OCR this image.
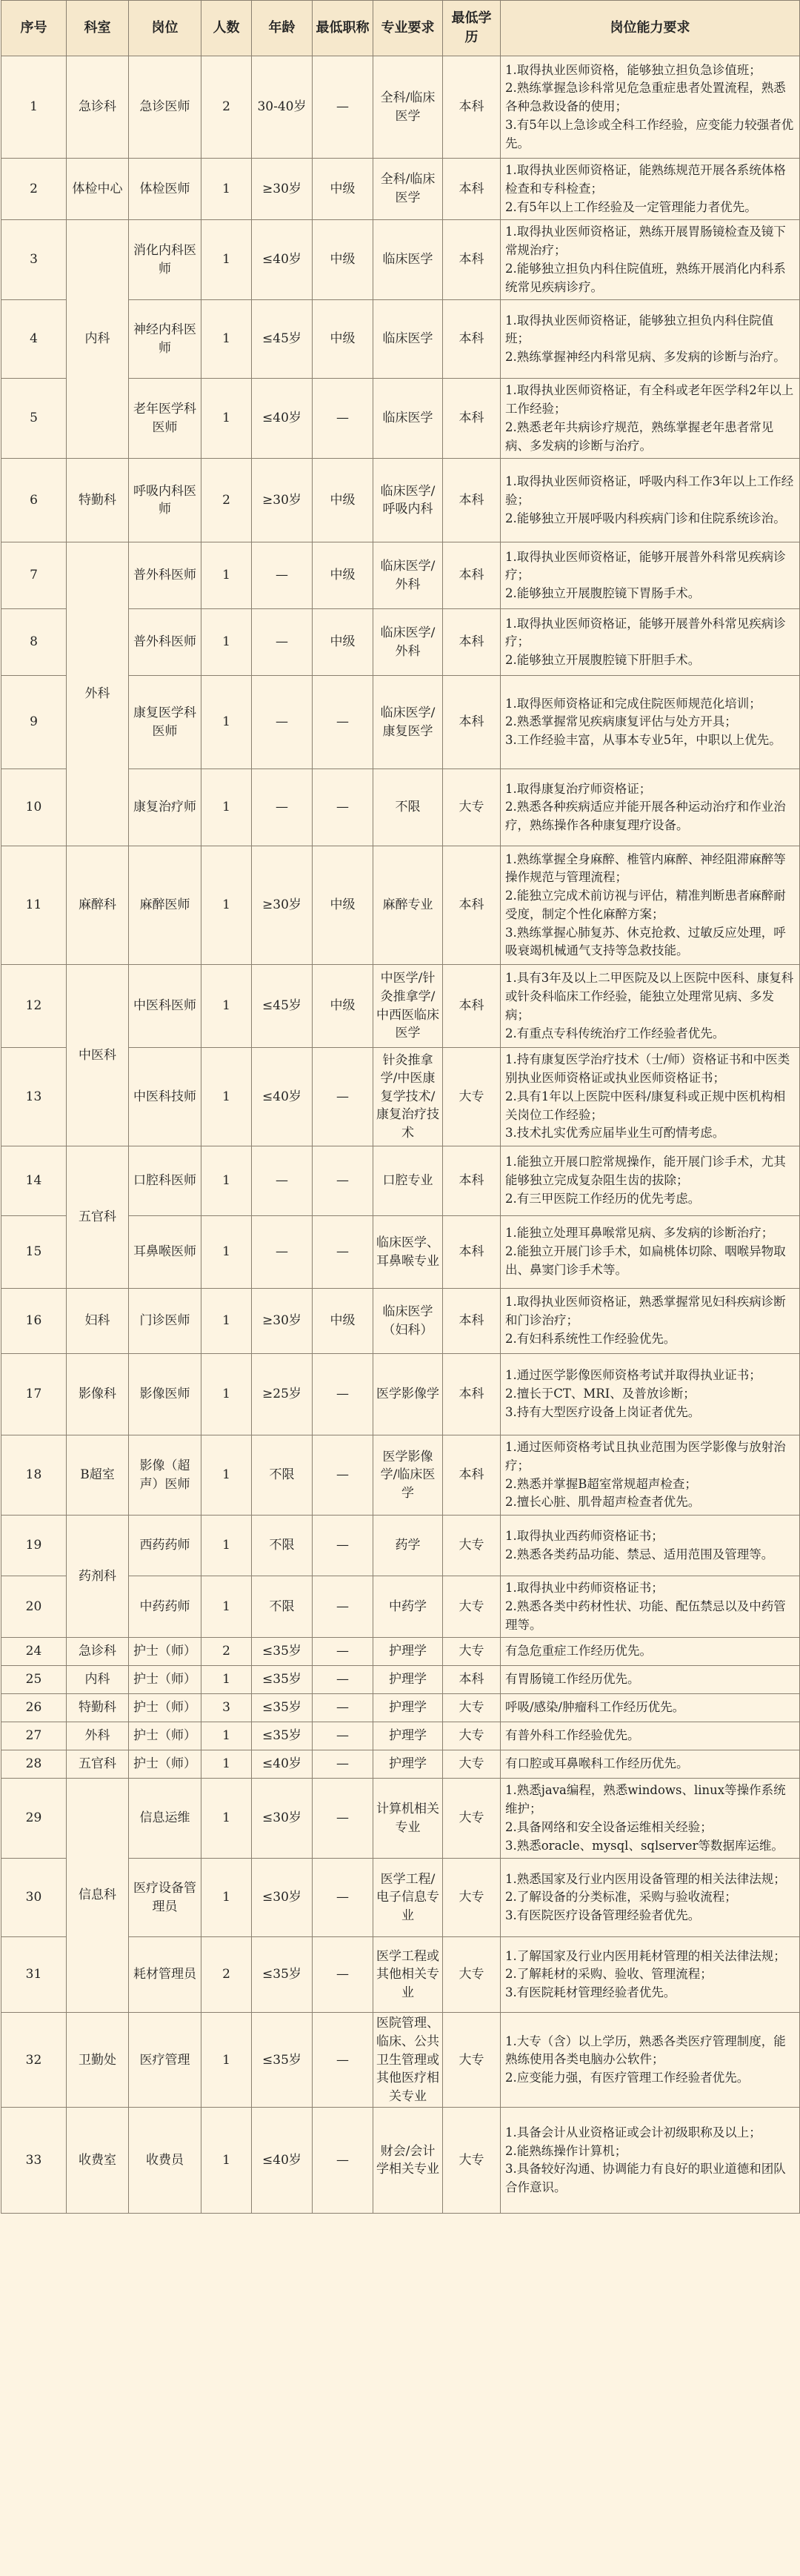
序号	科室	岗位	人数	年龄	最低职称	专业要求	最低学历	岗位能力要求
1	急诊科	急诊医师	2	30-40岁	—	全科/临床医学	本科	1.取得执业医师资格，能够独立担负急诊值班；
2.熟练掌握急诊科常见危急重症患者处置流程，熟悉各种急救设备的使用；
3.有5年以上急诊或全科工作经验，应变能力较强者优先。
2	体检中心	体检医师	1	≥30岁	中级	全科/临床医学	本科	1.取得执业医师资格证，能熟练规范开展各系统体格检查和专科检查；
2.有5年以上工作经验及一定管理能力者优先。
3	内科	消化内科医师	1	≤40岁	中级	临床医学	本科	1.取得执业医师资格证，熟练开展胃肠镜检查及镜下常规治疗；
2.能够独立担负内科住院值班，熟练开展消化内科系统常见疾病诊疗。
4		神经内科医师	1	≤45岁	中级	临床医学	本科	1.取得执业医师资格证，能够独立担负内科住院值班；
2.熟练掌握神经内科常见病、多发病的诊断与治疗。
5		老年医学科医师	1	≤40岁	—	临床医学	本科	1.取得执业医师资格证，有全科或老年医学科2年以上工作经验；
2.熟悉老年共病诊疗规范，熟练掌握老年患者常见病、多发病的诊断与治疗。
6	特勤科	呼吸内科医师	2	≥30岁	中级	临床医学/呼吸内科	本科	1.取得执业医师资格证，呼吸内科工作3年以上工作经验；
2.能够独立开展呼吸内科疾病门诊和住院系统诊治。
7	外科	普外科医师	1	—	中级	临床医学/外科	本科	1.取得执业医师资格证，能够开展普外科常见疾病诊疗；
2.能够独立开展腹腔镜下胃肠手术。
8		普外科医师	1	—	中级	临床医学/外科	本科	1.取得执业医师资格证，能够开展普外科常见疾病诊疗；
2.能够独立开展腹腔镜下肝胆手术。
9		康复医学科医师	1	—	—	临床医学/康复医学	本科	1.取得医师资格证和完成住院医师规范化培训；
2.熟悉掌握常见疾病康复评估与处方开具；
3.工作经验丰富，从事本专业5年，中职以上优先。
10		康复治疗师	1	—	—	不限	大专	1.取得康复治疗师资格证；
2.熟悉各种疾病适应并能开展各种运动治疗和作业治疗，熟练操作各种康复理疗设备。
11	麻醉科	麻醉医师	1	≥30岁	中级	麻醉专业	本科	1.熟练掌握全身麻醉、椎管内麻醉、神经阻滞麻醉等操作规范与管理流程；
2.能独立完成术前访视与评估，精准判断患者麻醉耐受度，制定个性化麻醉方案；
3.熟练掌握心肺复苏、休克抢救、过敏反应处理，呼吸衰竭机械通气支持等急救技能。
12	中医科	中医科医师	1	≤45岁	中级	中医学/针灸推拿学/中西医临床医学	本科	1.具有3年及以上二甲医院及以上医院中医科、康复科或针灸科临床工作经验，能独立处理常见病、多发病；
2.有重点专科传统治疗工作经验者优先。
13		中医科技师	1	≤40岁	—	针灸推拿学/中医康复学技术/康复治疗技术	大专	1.持有康复医学治疗技术（士/师）资格证书和中医类别执业医师资格证或执业医师资格证书；
2.具有1年以上医院中医科/康复科或正规中医机构相关岗位工作经验；
3.技术扎实优秀应届毕业生可酌情考虑。
14	五官科	口腔科医师	1	—	—	口腔专业	本科	1.能独立开展口腔常规操作，能开展门诊手术，尤其能够独立完成复杂阻生齿的拔除；
2.有三甲医院工作经历的优先考虑。
15		耳鼻喉医师	1	—	—	临床医学、耳鼻喉专业	本科	1.能独立处理耳鼻喉常见病、多发病的诊断治疗；
2.能独立开展门诊手术，如扁桃体切除、咽喉异物取出、鼻窦门诊手术等。
16	妇科	门诊医师	1	≥30岁	中级	临床医学（妇科）	本科	1.取得执业医师资格证，熟悉掌握常见妇科疾病诊断和门诊治疗；
2.有妇科系统性工作经验优先。
17	影像科	影像医师	1	≥25岁	—	医学影像学	本科	1.通过医学影像医师资格考试并取得执业证书；
2.擅长于CT、MRI、及普放诊断；
3.持有大型医疗设备上岗证者优先。
18	B超室	影像（超声）医师	1	不限	—	医学影像学/临床医学	本科	1.通过医师资格考试且执业范围为医学影像与放射治疗；
2.熟悉并掌握B超室常规超声检查；
2.擅长心脏、肌骨超声检查者优先。
19	药剂科	西药药师	1	不限	—	药学	大专	1.取得执业西药师资格证书；
2.熟悉各类药品功能、禁忌、适用范围及管理等。
20		中药药师	1	不限	—	中药学	大专	1.取得执业中药师资格证书；
2.熟悉各类中药材性状、功能、配伍禁忌以及中药管理等。
24	急诊科	护士（师）	2	≤35岁	—	护理学	大专	有急危重症工作经历优先。
25	内科	护士（师）	1	≤35岁	—	护理学	本科	有胃肠镜工作经历优先。
26	特勤科	护士（师）	3	≤35岁	—	护理学	大专	呼吸/感染/肿瘤科工作经历优先。
27	外科	护士（师）	1	≤35岁	—	护理学	大专	有普外科工作经验优先。
28	五官科	护士（师）	1	≤40岁	—	护理学	大专	有口腔或耳鼻喉科工作经历优先。
29	信息科	信息运维	1	≤30岁	—	计算机相关专业	大专	1.熟悉java编程，熟悉windows、linux等操作系统维护；
2.具备网络和安全设备运维相关经验；
3.熟悉oracle、mysql、sqlserver等数据库运维。
30		医疗设备管理员	1	≤30岁	—	医学工程/电子信息专业	大专	1.熟悉国家及行业内医用设备管理的相关法律法规；
2.了解设备的分类标准，采购与验收流程；
3.有医院医疗设备管理经验者优先。
31		耗材管理员	2	≤35岁	—	医学工程或其他相关专业	大专	1.了解国家及行业内医用耗材管理的相关法律法规；
2.了解耗材的采购、验收、管理流程；
3.有医院耗材管理经验者优先。
32	卫勤处	医疗管理	1	≤35岁	—	医院管理、临床、公共卫生管理或其他医疗相关专业	大专	1.大专（含）以上学历，熟悉各类医疗管理制度，能熟练使用各类电脑办公软件；
2.应变能力强，有医疗管理工作经验者优先。
33	收费室	收费员	1	≤40岁	—	财会/会计学相关专业	大专	1.具备会计从业资格证或会计初级职称及以上；
2.能熟练操作计算机；
3.具备较好沟通、协调能力有良好的职业道德和团队合作意识。
